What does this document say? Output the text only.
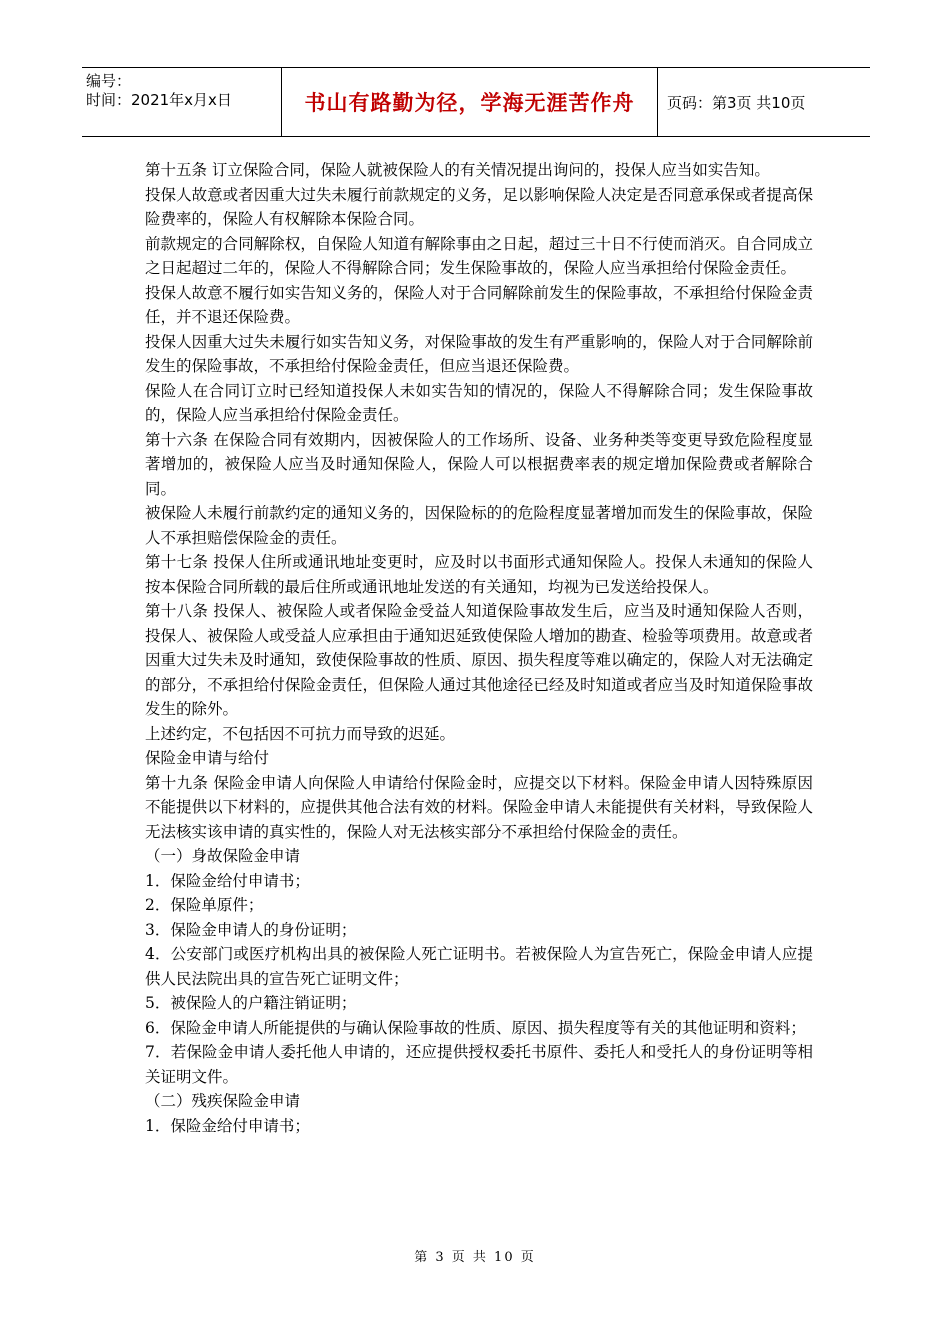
编号：
时间：2021年x月x日	书山有路勤为径，学海无涯苦作舟	页码：第3页 共10页

第十五条 订立保险合同，保险人就被保险人的有关情况提出询问的，投保人应当如实告知。

投保人故意或者因重大过失未履行前款规定的义务，足以影响保险人决定是否同意承保或者提高保险费率的，保险人有权解除本保险合同。

前款规定的合同解除权，自保险人知道有解除事由之日起，超过三十日不行使而消灭。自合同成立之日起超过二年的，保险人不得解除合同；发生保险事故的，保险人应当承担给付保险金责任。

投保人故意不履行如实告知义务的，保险人对于合同解除前发生的保险事故，不承担给付保险金责任，并不退还保险费。

投保人因重大过失未履行如实告知义务，对保险事故的发生有严重影响的，保险人对于合同解除前发生的保险事故，不承担给付保险金责任，但应当退还保险费。

保险人在合同订立时已经知道投保人未如实告知的情况的，保险人不得解除合同；发生保险事故的，保险人应当承担给付保险金责任。

第十六条 在保险合同有效期内，因被保险人的工作场所、设备、业务种类等变更导致危险程度显著增加的，被保险人应当及时通知保险人，保险人可以根据费率表的规定增加保险费或者解除合同。

被保险人未履行前款约定的通知义务的，因保险标的的危险程度显著增加而发生的保险事故，保险人不承担赔偿保险金的责任。

第十七条 投保人住所或通讯地址变更时，应及时以书面形式通知保险人。投保人未通知的保险人按本保险合同所载的最后住所或通讯地址发送的有关通知，均视为已发送给投保人。

第十八条 投保人、被保险人或者保险金受益人知道保险事故发生后，应当及时通知保险人否则，投保人、被保险人或受益人应承担由于通知迟延致使保险人增加的勘查、检验等项费用。故意或者因重大过失未及时通知，致使保险事故的性质、原因、损失程度等难以确定的，保险人对无法确定的部分，不承担给付保险金责任，但保险人通过其他途径已经及时知道或者应当及时知道保险事故发生的除外。

上述约定，不包括因不可抗力而导致的迟延。

保险金申请与给付

第十九条 保险金申请人向保险人申请给付保险金时，应提交以下材料。保险金申请人因特殊原因不能提供以下材料的，应提供其他合法有效的材料。保险金申请人未能提供有关材料，导致保险人无法核实该申请的真实性的，保险人对无法核实部分不承担给付保险金的责任。

（一）身故保险金申请

1．保险金给付申请书；

2．保险单原件；

3．保险金申请人的身份证明；

4．公安部门或医疗机构出具的被保险人死亡证明书。若被保险人为宣告死亡，保险金申请人应提供人民法院出具的宣告死亡证明文件；

5．被保险人的户籍注销证明；

6．保险金申请人所能提供的与确认保险事故的性质、原因、损失程度等有关的其他证明和资料；

7．若保险金申请人委托他人申请的，还应提供授权委托书原件、委托人和受托人的身份证明等相关证明文件。

（二）残疾保险金申请

1．保险金给付申请书；

第 3 页 共 10 页
